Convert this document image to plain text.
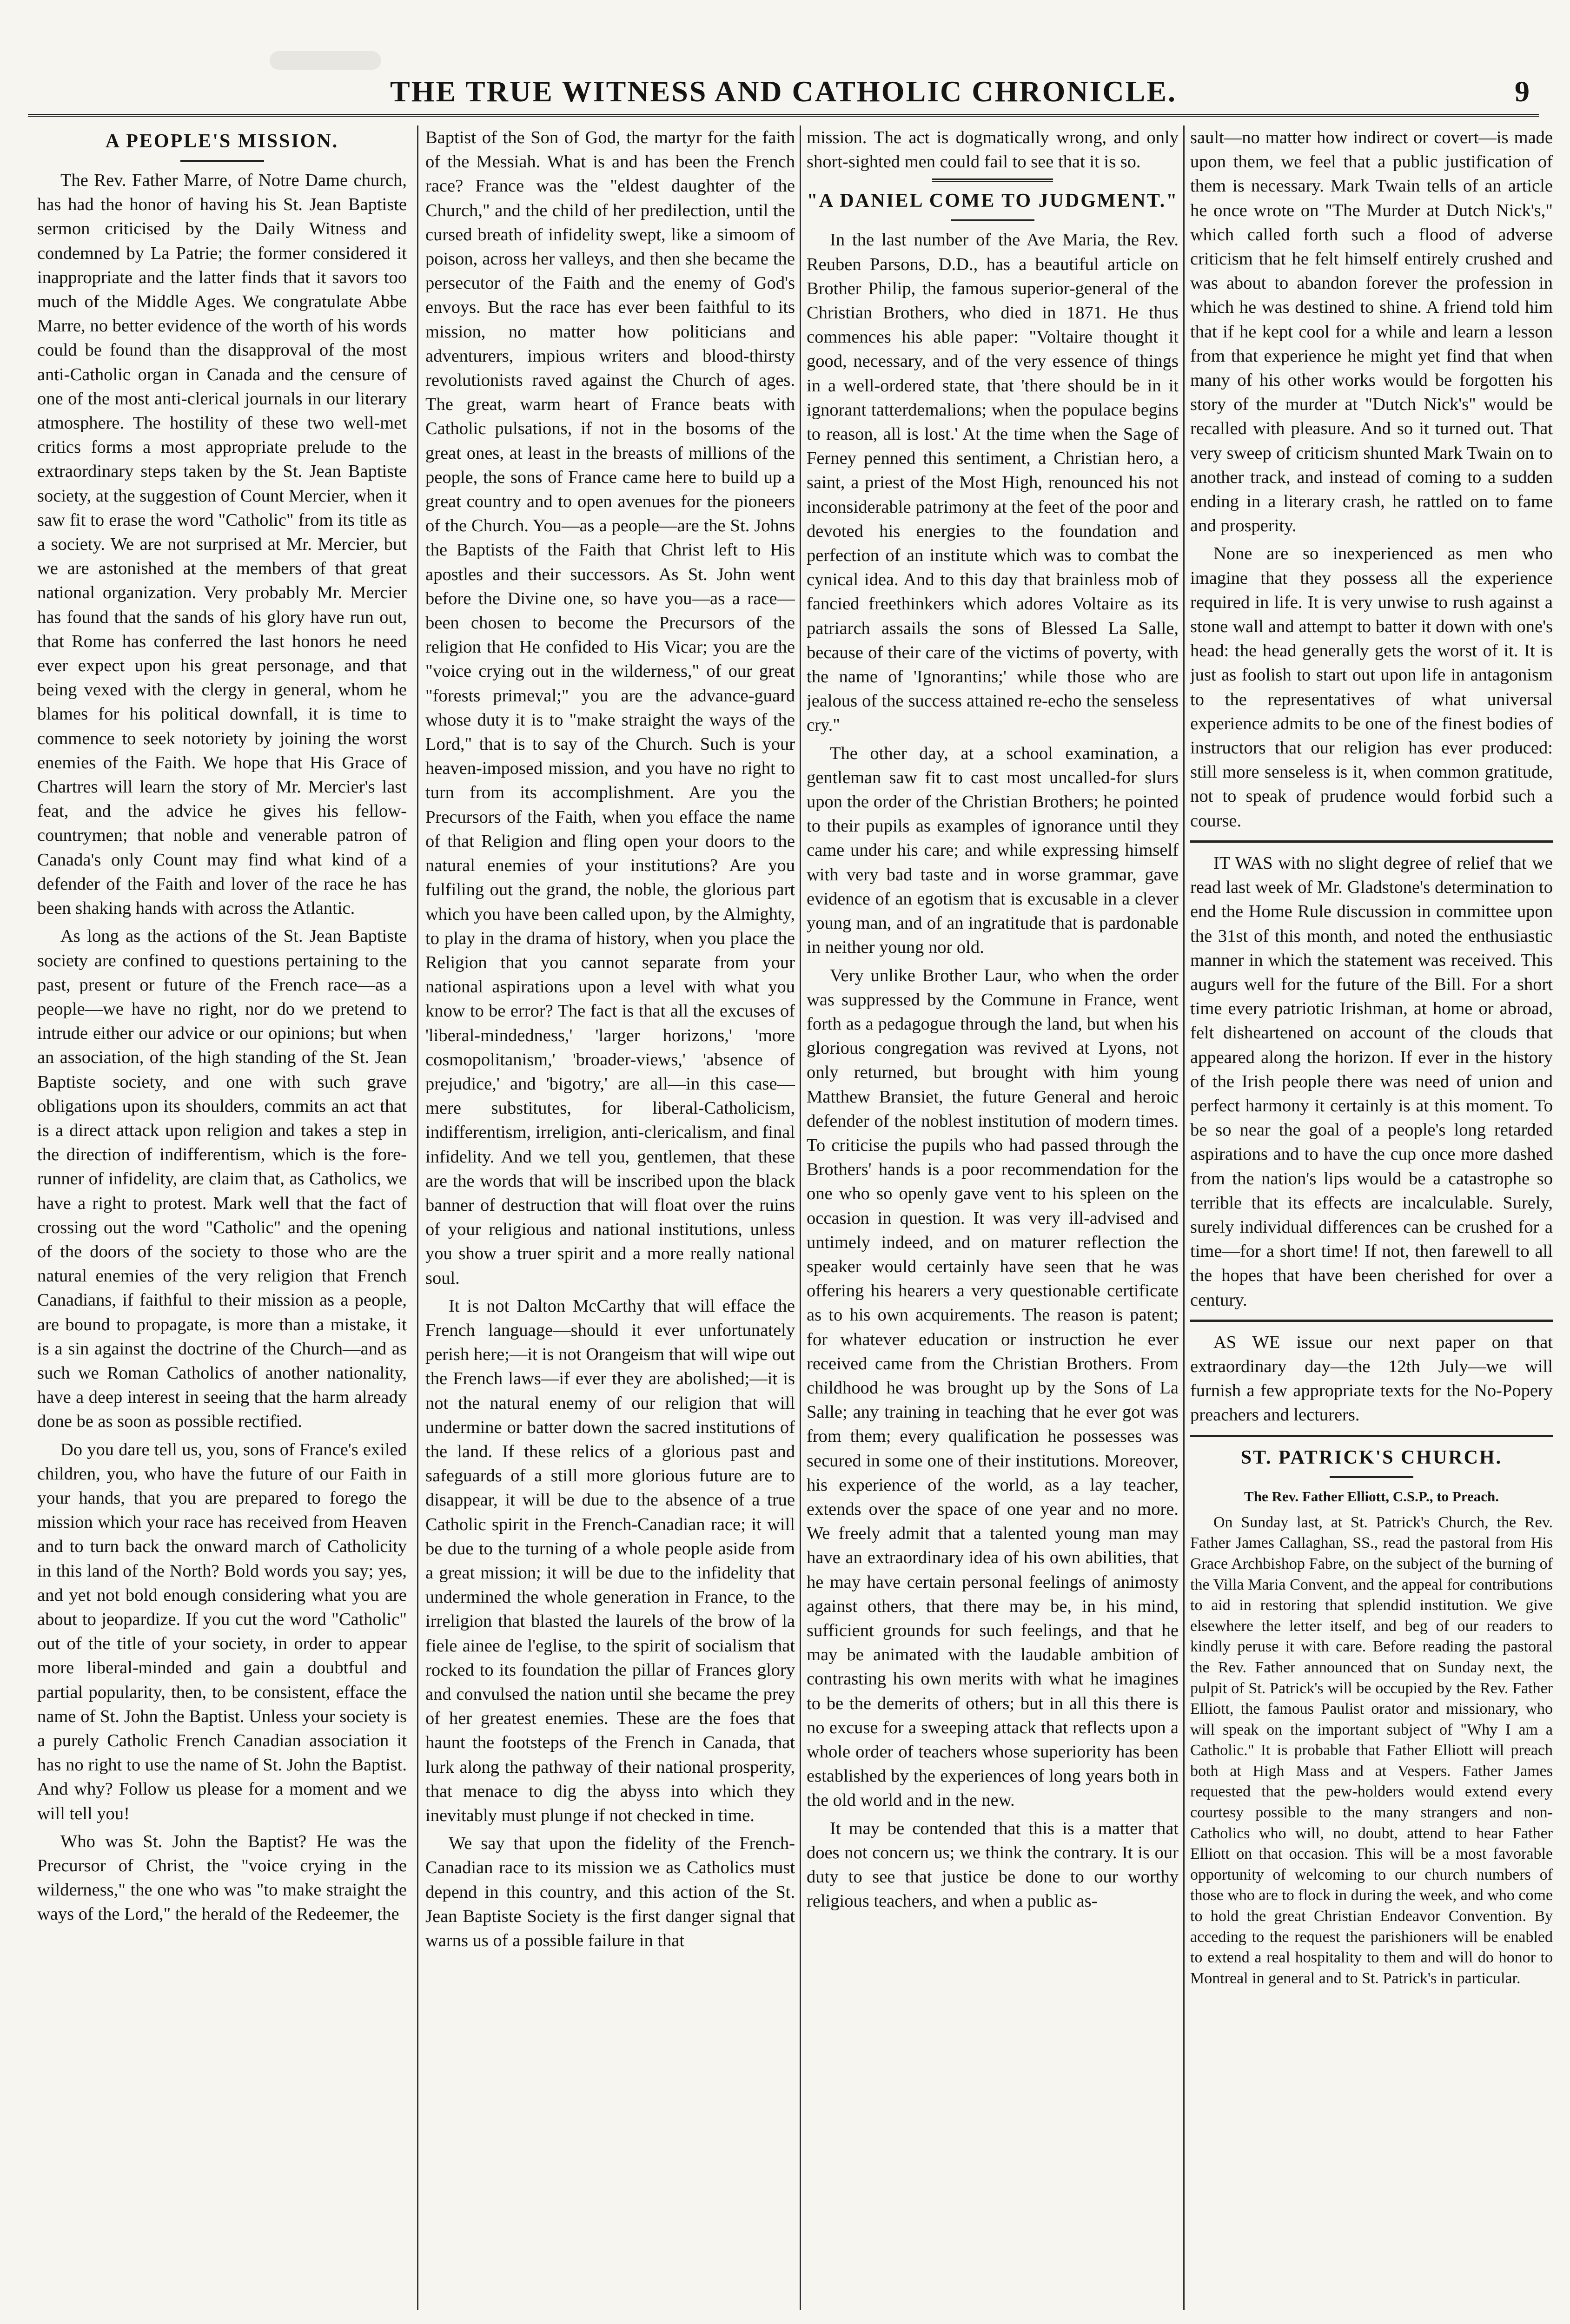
THE TRUE WITNESS AND CATHOLIC CHRONICLE.	9
A PEOPLE'S MISSION.

The Rev. Father Marre, of Notre Dame church, has had the honor of having his St. Jean Baptiste sermon criticised by the Daily Witness and condemned by La Patrie; the former considered it inappropriate and the latter finds that it savors too much of the Middle Ages. We congratulate Abbe Marre, no better evidence of the worth of his words could be found than the disapproval of the most anti-Catholic organ in Canada and the censure of one of the most anti-clerical journals in our literary atmosphere. The hostility of these two well-met critics forms a most appropriate prelude to the extraordinary steps taken by the St. Jean Baptiste society, at the suggestion of Count Mercier, when it saw fit to erase the word "Catholic" from its title as a society. We are not surprised at Mr. Mercier, but we are astonished at the members of that great national organization. Very probably Mr. Mercier has found that the sands of his glory have run out, that Rome has conferred the last honors he need ever expect upon his great personage, and that being vexed with the clergy in general, whom he blames for his political downfall, it is time to commence to seek notoriety by joining the worst enemies of the Faith. We hope that His Grace of Chartres will learn the story of Mr. Mercier's last feat, and the advice he gives his fellow-countrymen; that noble and venerable patron of Canada's only Count may find what kind of a defender of the Faith and lover of the race he has been shaking hands with across the Atlantic.

As long as the actions of the St. Jean Baptiste society are confined to questions pertaining to the past, present or future of the French race—as a people—we have no right, nor do we pretend to intrude either our advice or our opinions; but when an association, of the high standing of the St. Jean Baptiste society, and one with such grave obligations upon its shoulders, commits an act that is a direct attack upon religion and takes a step in the direction of indifferentism, which is the fore-runner of infidelity, are claim that, as Catholics, we have a right to protest. Mark well that the fact of crossing out the word "Catholic" and the opening of the doors of the society to those who are the natural enemies of the very religion that French Canadians, if faithful to their mission as a people, are bound to propagate, is more than a mistake, it is a sin against the doctrine of the Church—and as such we Roman Catholics of another nationality, have a deep interest in seeing that the harm already done be as soon as possible rectified.

Do you dare tell us, you, sons of France's exiled children, you, who have the future of our Faith in your hands, that you are prepared to forego the mission which your race has received from Heaven and to turn back the onward march of Catholicity in this land of the North? Bold words you say; yes, and yet not bold enough considering what you are about to jeopardize. If you cut the word "Catholic" out of the title of your society, in order to appear more liberal-minded and gain a doubtful and partial popularity, then, to be consistent, efface the name of St. John the Baptist. Unless your society is a purely Catholic French Canadian association it has no right to use the name of St. John the Baptist. And why? Follow us please for a moment and we will tell you!

Who was St. John the Baptist? He was the Precursor of Christ, the "voice crying in the wilderness," the one who was "to make straight the ways of the Lord," the herald of the Redeemer, the

Baptist of the Son of God, the martyr for the faith of the Messiah. What is and has been the French race? France was the "eldest daughter of the Church," and the child of her predilection, until the cursed breath of infidelity swept, like a simoom of poison, across her valleys, and then she became the persecutor of the Faith and the enemy of God's envoys. But the race has ever been faithful to its mission, no matter how politicians and adventurers, impious writers and blood-thirsty revolutionists raved against the Church of ages. The great, warm heart of France beats with Catholic pulsations, if not in the bosoms of the great ones, at least in the breasts of millions of the people, the sons of France came here to build up a great country and to open avenues for the pioneers of the Church. You—as a people—are the St. Johns the Baptists of the Faith that Christ left to His apostles and their successors. As St. John went before the Divine one, so have you—as a race—been chosen to become the Precursors of the religion that He confided to His Vicar; you are the "voice crying out in the wilderness," of our great "forests primeval;" you are the advance-guard whose duty it is to "make straight the ways of the Lord," that is to say of the Church. Such is your heaven-imposed mission, and you have no right to turn from its accomplishment. Are you the Precursors of the Faith, when you efface the name of that Religion and fling open your doors to the natural enemies of your institutions? Are you fulfiling out the grand, the noble, the glorious part which you have been called upon, by the Almighty, to play in the drama of history, when you place the Religion that you cannot separate from your national aspirations upon a level with what you know to be error? The fact is that all the excuses of 'liberal-mindedness,' 'larger horizons,' 'more cosmopolitanism,' 'broader-views,' 'absence of prejudice,' and 'bigotry,' are all—in this case—mere substitutes, for liberal-Catholicism, indifferentism, irreligion, anti-clericalism, and final infidelity. And we tell you, gentlemen, that these are the words that will be inscribed upon the black banner of destruction that will float over the ruins of your religious and national institutions, unless you show a truer spirit and a more really national soul.

It is not Dalton McCarthy that will efface the French language—should it ever unfortunately perish here;—it is not Orangeism that will wipe out the French laws—if ever they are abolished;—it is not the natural enemy of our religion that will undermine or batter down the sacred institutions of the land. If these relics of a glorious past and safeguards of a still more glorious future are to disappear, it will be due to the absence of a true Catholic spirit in the French-Canadian race; it will be due to the turning of a whole people aside from a great mission; it will be due to the infidelity that undermined the whole generation in France, to the irreligion that blasted the laurels of the brow of la fiele ainee de l'eglise, to the spirit of socialism that rocked to its foundation the pillar of Frances glory and convulsed the nation until she became the prey of her greatest enemies. These are the foes that haunt the footsteps of the French in Canada, that lurk along the pathway of their national prosperity, that menace to dig the abyss into which they inevitably must plunge if not checked in time.

We say that upon the fidelity of the French-Canadian race to its mission we as Catholics must depend in this country, and this action of the St. Jean Baptiste Society is the first danger signal that warns us of a possible failure in that

mission. The act is dogmatically wrong, and only short-sighted men could fail to see that it is so.

"A DANIEL COME TO JUDGMENT."

In the last number of the Ave Maria, the Rev. Reuben Parsons, D.D., has a beautiful article on Brother Philip, the famous superior-general of the Christian Brothers, who died in 1871. He thus commences his able paper: "Voltaire thought it good, necessary, and of the very essence of things in a well-ordered state, that 'there should be in it ignorant tatterdemalions; when the populace begins to reason, all is lost.' At the time when the Sage of Ferney penned this sentiment, a Christian hero, a saint, a priest of the Most High, renounced his not inconsiderable patrimony at the feet of the poor and devoted his energies to the foundation and perfection of an institute which was to combat the cynical idea. And to this day that brainless mob of fancied freethinkers which adores Voltaire as its patriarch assails the sons of Blessed La Salle, because of their care of the victims of poverty, with the name of 'Ignorantins;' while those who are jealous of the success attained re-echo the senseless cry."

The other day, at a school examination, a gentleman saw fit to cast most uncalled-for slurs upon the order of the Christian Brothers; he pointed to their pupils as examples of ignorance until they came under his care; and while expressing himself with very bad taste and in worse grammar, gave evidence of an egotism that is excusable in a clever young man, and of an ingratitude that is pardonable in neither young nor old.

Very unlike Brother Laur, who when the order was suppressed by the Commune in France, went forth as a pedagogue through the land, but when his glorious congregation was revived at Lyons, not only returned, but brought with him young Matthew Bransiet, the future General and heroic defender of the noblest institution of modern times. To criticise the pupils who had passed through the Brothers' hands is a poor recommendation for the one who so openly gave vent to his spleen on the occasion in question. It was very ill-advised and untimely indeed, and on maturer reflection the speaker would certainly have seen that he was offering his hearers a very questionable certificate as to his own acquirements. The reason is patent; for whatever education or instruction he ever received came from the Christian Brothers. From childhood he was brought up by the Sons of La Salle; any training in teaching that he ever got was from them; every qualification he possesses was secured in some one of their institutions. Moreover, his experience of the world, as a lay teacher, extends over the space of one year and no more. We freely admit that a talented young man may have an extraordinary idea of his own abilities, that he may have certain personal feelings of animosty against others, that there may be, in his mind, sufficient grounds for such feelings, and that he may be animated with the laudable ambition of contrasting his own merits with what he imagines to be the demerits of others; but in all this there is no excuse for a sweeping attack that reflects upon a whole order of teachers whose superiority has been established by the experiences of long years both in the old world and in the new.

It may be contended that this is a matter that does not concern us; we think the contrary. It is our duty to see that justice be done to our worthy religious teachers, and when a public as-

sault—no matter how indirect or covert—is made upon them, we feel that a public justification of them is necessary. Mark Twain tells of an article he once wrote on "The Murder at Dutch Nick's," which called forth such a flood of adverse criticism that he felt himself entirely crushed and was about to abandon forever the profession in which he was destined to shine. A friend told him that if he kept cool for a while and learn a lesson from that experience he might yet find that when many of his other works would be forgotten his story of the murder at "Dutch Nick's" would be recalled with pleasure. And so it turned out. That very sweep of criticism shunted Mark Twain on to another track, and instead of coming to a sudden ending in a literary crash, he rattled on to fame and prosperity.

None are so inexperienced as men who imagine that they possess all the experience required in life. It is very unwise to rush against a stone wall and attempt to batter it down with one's head: the head generally gets the worst of it. It is just as foolish to start out upon life in antagonism to the representatives of what universal experience admits to be one of the finest bodies of instructors that our religion has ever produced: still more senseless is it, when common gratitude, not to speak of prudence would forbid such a course.

IT WAS with no slight degree of relief that we read last week of Mr. Gladstone's determination to end the Home Rule discussion in committee upon the 31st of this month, and noted the enthusiastic manner in which the statement was received. This augurs well for the future of the Bill. For a short time every patriotic Irishman, at home or abroad, felt disheartened on account of the clouds that appeared along the horizon. If ever in the history of the Irish people there was need of union and perfect harmony it certainly is at this moment. To be so near the goal of a people's long retarded aspirations and to have the cup once more dashed from the nation's lips would be a catastrophe so terrible that its effects are incalculable. Surely, surely individual differences can be crushed for a time—for a short time! If not, then farewell to all the hopes that have been cherished for over a century.

AS WE issue our next paper on that extraordinary day—the 12th July—we will furnish a few appropriate texts for the No-Popery preachers and lecturers.

ST. PATRICK'S CHURCH.
The Rev. Father Elliott, C.S.P., to Preach.

On Sunday last, at St. Patrick's Church, the Rev. Father James Callaghan, SS., read the pastoral from His Grace Archbishop Fabre, on the subject of the burning of the Villa Maria Convent, and the appeal for contributions to aid in restoring that splendid institution. We give elsewhere the letter itself, and beg of our readers to kindly peruse it with care. Before reading the pastoral the Rev. Father announced that on Sunday next, the pulpit of St. Patrick's will be occupied by the Rev. Father Elliott, the famous Paulist orator and missionary, who will speak on the important subject of "Why I am a Catholic." It is probable that Father Elliott will preach both at High Mass and at Vespers. Father James requested that the pew-holders would extend every courtesy possible to the many strangers and non-Catholics who will, no doubt, attend to hear Father Elliott on that occasion. This will be a most favorable opportunity of welcoming to our church numbers of those who are to flock in during the week, and who come to hold the great Christian Endeavor Convention. By acceding to the request the parishioners will be enabled to extend a real hospitality to them and will do honor to Montreal in general and to St. Patrick's in particular.
